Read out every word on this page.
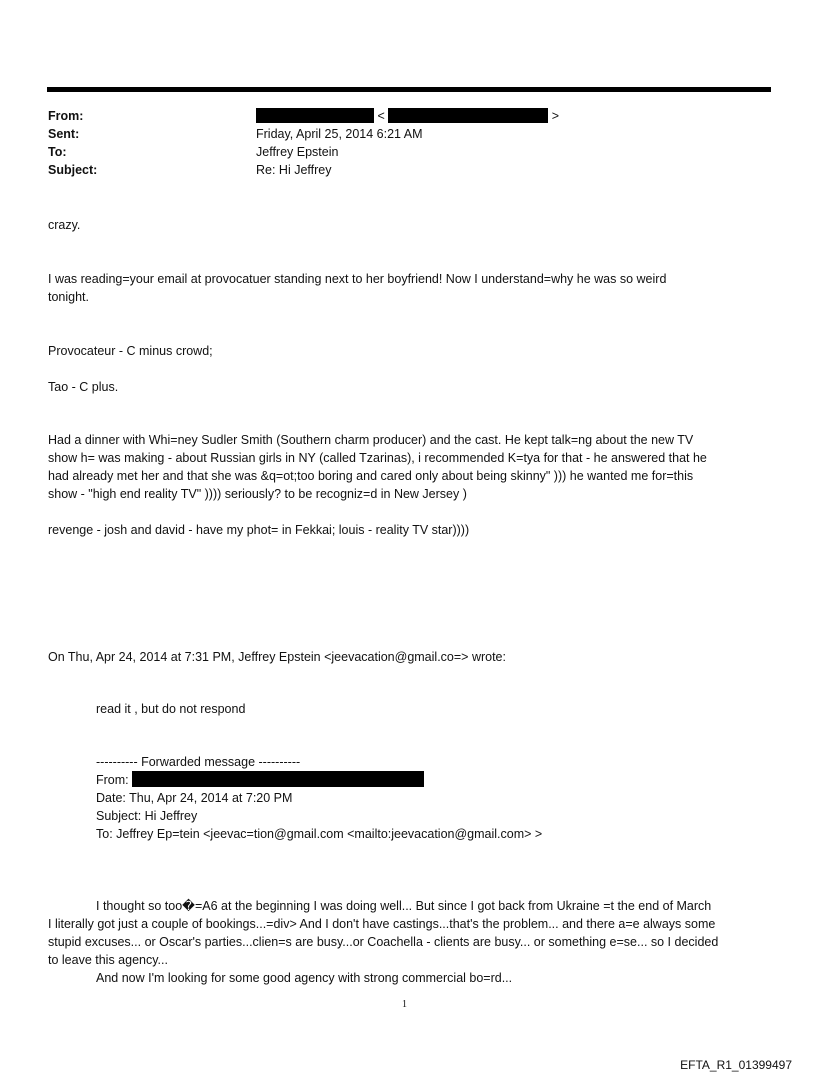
From:	<	>
Sent:	Friday, April 25, 2014 6:21 AM
To:	Jeffrey Epstein
Subject:	Re: Hi Jeffrey
crazy.
I was reading=your email at provocatuer standing next to her boyfriend! Now I understand=why he was so weird
tonight.
Provocateur - C minus crowd;
Tao - C plus.
Had a dinner with Whi=ney Sudler Smith (Southern charm producer) and the cast. He kept talk=ng about the new TV
show h= was making - about Russian girls in NY (called Tzarinas), i recommended K=tya for that - he answered that he
had already met her and that she was &q=ot;too boring and cared only about being skinny" ))) he wanted me for=this
show - "high end reality TV" )))) seriously? to be recogniz=d in New Jersey )
revenge - josh and david - have my phot= in Fekkai; louis - reality TV star))))
On Thu, Apr 24, 2014 at 7:31 PM, Jeffrey Epstein <jeevacation@gmail.co=> wrote:
read it , but do not respond
---------- Forwarded message ----------
From:
Date: Thu, Apr 24, 2014 at 7:20 PM
Subject: Hi Jeffrey
To: Jeffrey Ep=tein <jeevac=tion@gmail.com <mailto:jeevacation@gmail.com> >
I thought so too�=A6 at the beginning I was doing well... But since I got back from Ukraine =t the end of March
I literally got just a couple of bookings...=div> And I don't have castings...that's the problem... and there a=e always some
stupid excuses... or Oscar's parties...clien=s are busy...or Coachella - clients are busy... or something e=se... so I decided
to leave this agency...
And now I'm looking for some good agency with strong commercial bo=rd...
1
EFTA_R1_01399497
